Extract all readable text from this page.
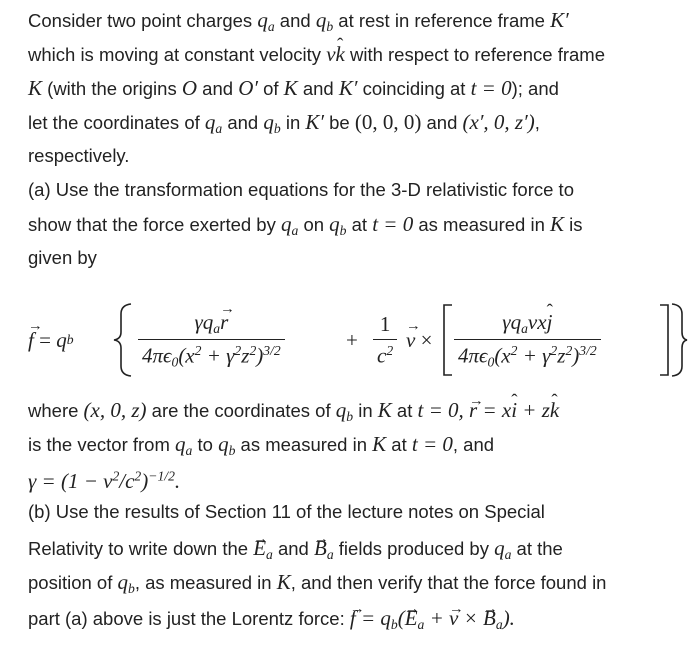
Consider two point charges $q_a$ and $q_b$ at rest in reference frame K′
which is moving at constant velocity vˆ k with respect to reference frame
K (with the origins O and O′ of K and K′ coinciding at t = 0); and
let the coordinates of $q_a$ and $q_b$ in K′ be (0, 0, 0) and (x′, 0, z′),
respectively.
(a) Use the transformation equations for the 3-D relativistic force to
show that the force exerted by $q_a$ on $q_b$ at t = 0 as measured in K is
given by
→ f
=
q b	$\frac{\gamma q_a\to r}{4\pi\epsilon_0(x^2 + \gamma^2z^2)^{3/2}}$	+ $\frac{1}{c^2}$
→ v
× $\frac{\gamma q_avxˆ j}{4\pi\epsilon_0(x^2 + \gamma^2z^2)^{3/2}}$
where (x, 0, z) are the coordinates of $q_b$ in K at t = 0, → r = xˆ i + zˆ k
is the vector from $q_a$ to $q_b$ as measured in K at t = 0, and
$\gamma = (1 - v^2/c^2)^{-1/2}$.
(b) Use the results of Section 11 of the lecture notes on Special
Relativity to write down the → $E_a$ and → $B_a$ fields produced by $q_a$ at the
position of $q_b$, as measured in K, and then verify that the force found in
part (a) above is just the Lorentz force: → $f = q_b(\to E_a$ + → v × → $B_a$).
